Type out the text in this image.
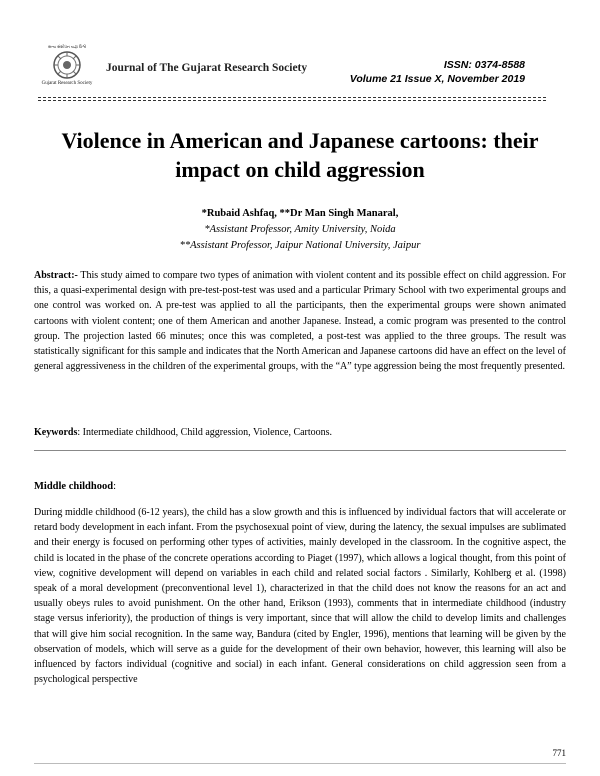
સત્ય સંશોધન યજ્ઞ વિશ્વે
Gujarat Research Society
Journal of The Gujarat Research Society	ISSN: 0374-8588
Volume 21 Issue X, November 2019
Violence in American and Japanese cartoons: their impact on child aggression
*Rubaid Ashfaq, **Dr Man Singh Manaral,
*Assistant Professor, Amity University, Noida
**Assistant Professor, Jaipur National University, Jaipur
Abstract:- This study aimed to compare two types of animation with violent content and its possible effect on child aggression. For this, a quasi-experimental design with pre-test-post-test was used and a particular Primary School with two experimental groups and one control was worked on. A pre-test was applied to all the participants, then the experimental groups were shown animated cartoons with violent content; one of them American and another Japanese. Instead, a comic program was presented to the control group. The projection lasted 66 minutes; once this was completed, a post-test was applied to the three groups. The result was statistically significant for this sample and indicates that the North American and Japanese cartoons did have an effect on the level of general aggressiveness in the children of the experimental groups, with the “A” type aggression being the most frequently presented.
Keywords: Intermediate childhood, Child aggression, Violence, Cartoons.
Middle childhood:
During middle childhood (6-12 years), the child has a slow growth and this is influenced by individual factors that will accelerate or retard body development in each infant. From the psychosexual point of view, during the latency, the sexual impulses are sublimated and their energy is focused on performing other types of activities, mainly developed in the classroom. In the cognitive aspect, the child is located in the phase of the concrete operations according to Piaget (1997), which allows a logical thought, from this point of view, cognitive development will depend on variables in each child and related social factors . Similarly, Kohlberg et al. (1998) speak of a moral development (preconventional level 1), characterized in that the child does not know the reasons for an act and usually obeys rules to avoid punishment. On the other hand, Erikson (1993), comments that in intermediate childhood (industry stage versus inferiority), the production of things is very important, since that will allow the child to develop limits and challenges that will give him social recognition. In the same way, Bandura (cited by Engler, 1996), mentions that learning will be given by the observation of models, which will serve as a guide for the development of their own behavior, however, this learning will also be influenced by factors individual (cognitive and social) in each infant. General considerations on child aggression seen from a psychological perspective
771
